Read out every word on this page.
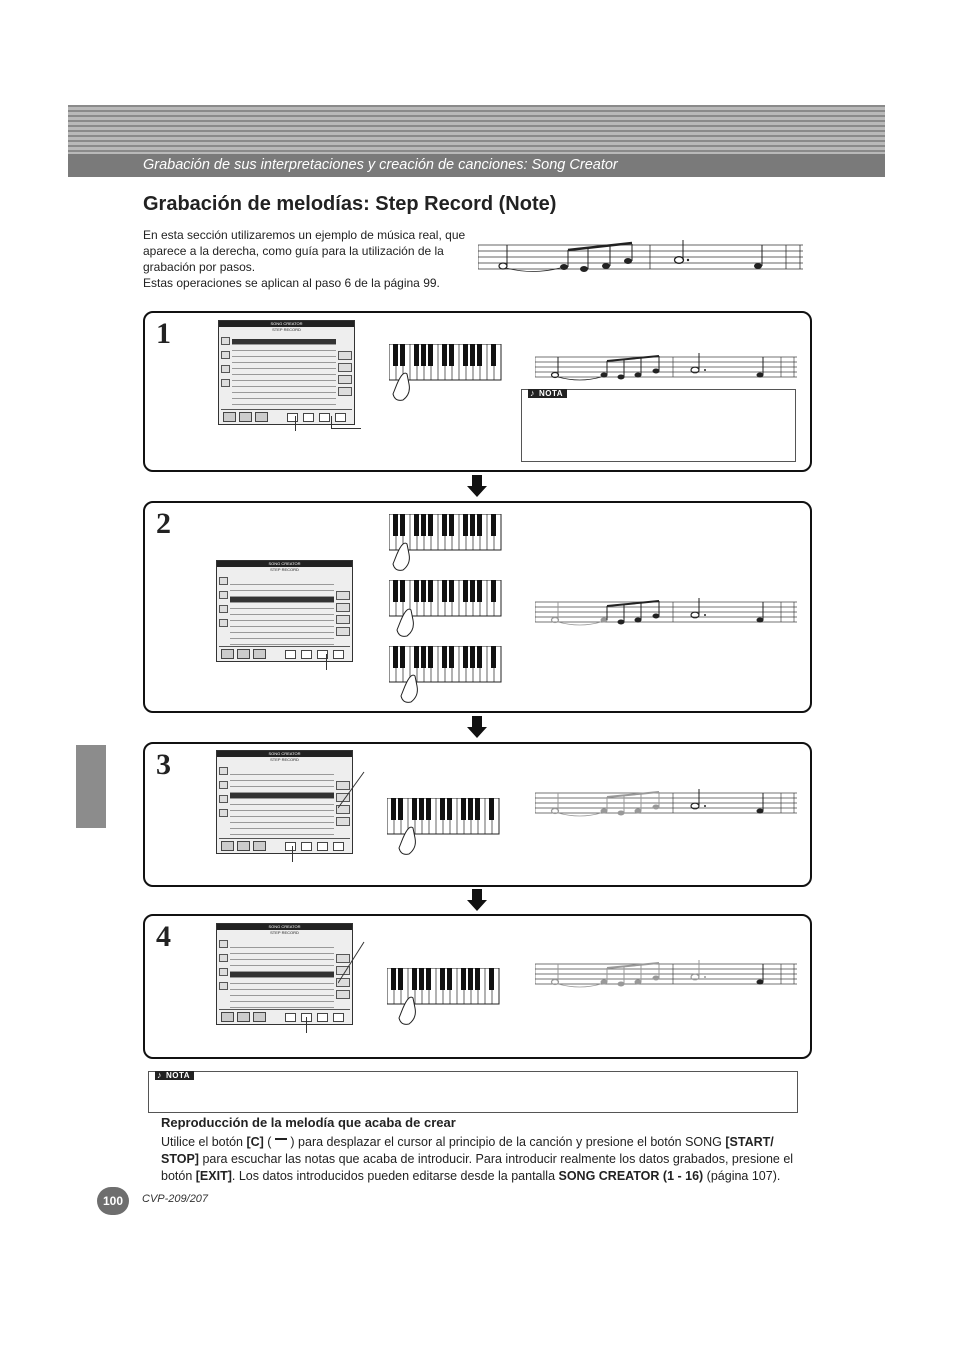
Grabación de sus interpretaciones y creación de canciones: Song Creator
Grabación de melodías: Step Record (Note)

En esta sección utilizaremos un ejemplo de música real, que aparece a la derecha, como guía para la utilización de la grabación por pasos.

Estas operaciones se aplican al paso 6 de la página 99.

1
2
3
4
SONG CREATOR
STEP RECORD
SONG CREATOR
STEP RECORD
SONG CREATOR
STEP RECORD
SONG CREATOR
STEP RECORD
♪ NOTA
♪ NOTA
Reproducción de la melodía que acaba de crear
Utilice el botón [C] (  ) para desplazar el cursor al principio de la canción y presione el botón SONG [START/ STOP] para escuchar las notas que acaba de introducir. Para introducir realmente los datos grabados, presione el botón [EXIT]. Los datos introducidos pueden editarse desde la pantalla SONG CREATOR (1 - 16) (página 107).
100	CVP-209/207
